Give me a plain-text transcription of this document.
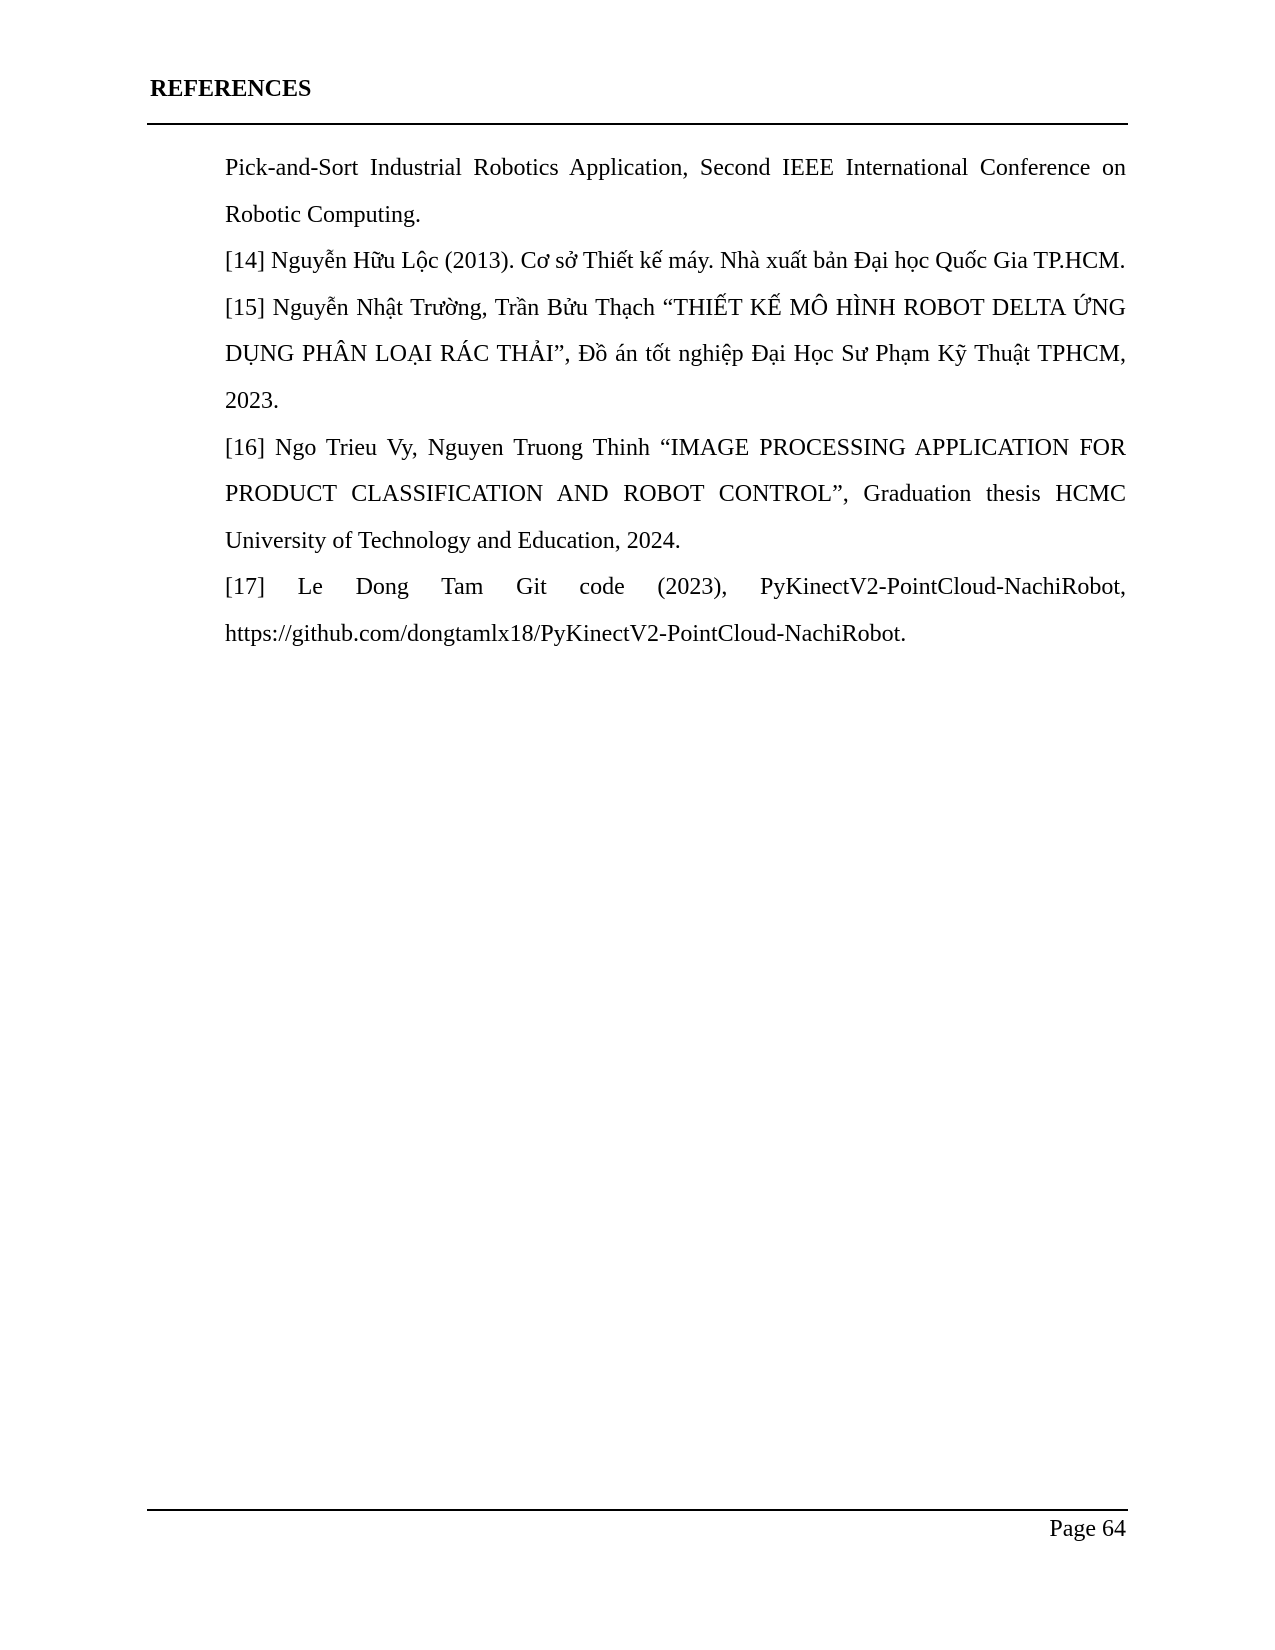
REFERENCES

Pick-and-Sort Industrial Robotics Application, Second IEEE International Conference on Robotic Computing.

[14] Nguyễn Hữu Lộc (2013). Cơ sở Thiết kế máy. Nhà xuất bản Đại học Quốc Gia TP.HCM.

[15] Nguyễn Nhật Trường, Trần Bửu Thạch “THIẾT KẾ MÔ HÌNH ROBOT DELTA ỨNG DỤNG PHÂN LOẠI RÁC THẢI”, Đồ án tốt nghiệp Đại Học Sư Phạm Kỹ Thuật TPHCM, 2023.

[16] Ngo Trieu Vy, Nguyen Truong Thinh “IMAGE PROCESSING APPLICATION FOR PRODUCT CLASSIFICATION AND ROBOT CONTROL”, Graduation thesis HCMC University of Technology and Education, 2024.

[17] Le Dong Tam Git code (2023), PyKinectV2-PointCloud-NachiRobot, https://github.com/dongtamlx18/PyKinectV2-PointCloud-NachiRobot.

Page 64
